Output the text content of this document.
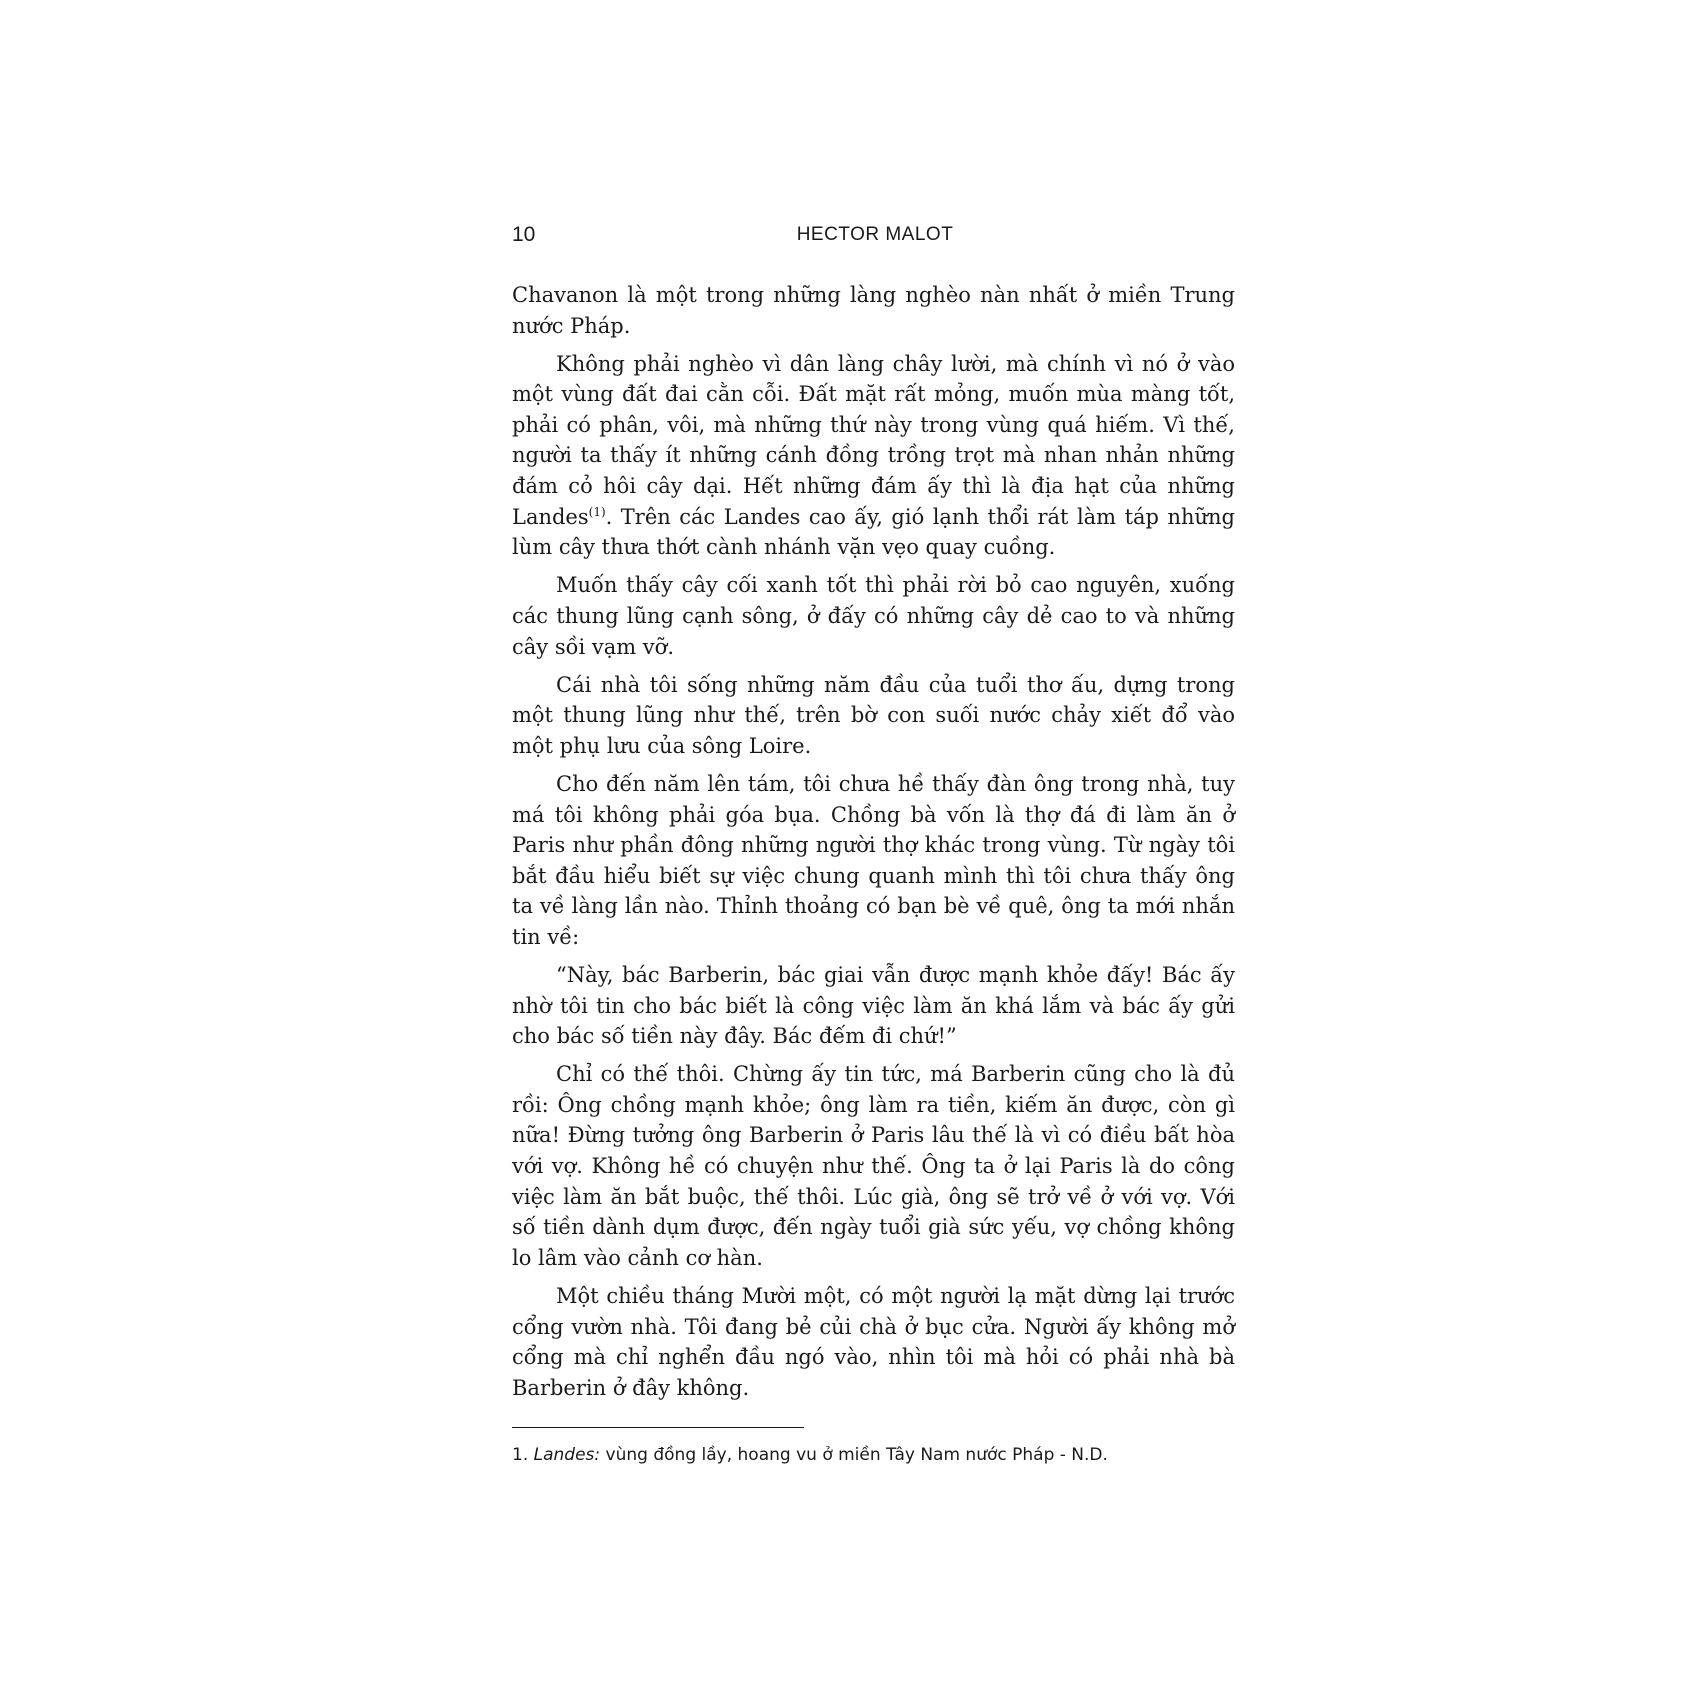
10	HECTOR MALOT

Chavanon là một trong những làng nghèo nàn nhất ở miền Trung nước Pháp.

Không phải nghèo vì dân làng chây lười, mà chính vì nó ở vào một vùng đất đai cằn cỗi. Đất mặt rất mỏng, muốn mùa màng tốt, phải có phân, vôi, mà những thứ này trong vùng quá hiếm. Vì thế, người ta thấy ít những cánh đồng trồng trọt mà nhan nhản những đám cỏ hôi cây dại. Hết những đám ấy thì là địa hạt của những Landes$^{(1)}$. Trên các Landes cao ấy, gió lạnh thổi rát làm táp những lùm cây thưa thớt cành nhánh vặn vẹo quay cuồng.

Muốn thấy cây cối xanh tốt thì phải rời bỏ cao nguyên, xuống các thung lũng cạnh sông, ở đấy có những cây dẻ cao to và những cây sồi vạm vỡ.

Cái nhà tôi sống những năm đầu của tuổi thơ ấu, dựng trong một thung lũng như thế, trên bờ con suối nước chảy xiết đổ vào một phụ lưu của sông Loire.

Cho đến năm lên tám, tôi chưa hề thấy đàn ông trong nhà, tuy má tôi không phải góa bụa. Chồng bà vốn là thợ đá đi làm ăn ở Paris như phần đông những người thợ khác trong vùng. Từ ngày tôi bắt đầu hiểu biết sự việc chung quanh mình thì tôi chưa thấy ông ta về làng lần nào. Thỉnh thoảng có bạn bè về quê, ông ta mới nhắn tin về:

“Này, bác Barberin, bác giai vẫn được mạnh khỏe đấy! Bác ấy nhờ tôi tin cho bác biết là công việc làm ăn khá lắm và bác ấy gửi cho bác số tiền này đây. Bác đếm đi chứ!”

Chỉ có thế thôi. Chừng ấy tin tức, má Barberin cũng cho là đủ rồi: Ông chồng mạnh khỏe; ông làm ra tiền, kiếm ăn được, còn gì nữa! Đừng tưởng ông Barberin ở Paris lâu thế là vì có điều bất hòa với vợ. Không hề có chuyện như thế. Ông ta ở lại Paris là do công việc làm ăn bắt buộc, thế thôi. Lúc già, ông sẽ trở về ở với vợ. Với số tiền dành dụm được, đến ngày tuổi già sức yếu, vợ chồng không lo lâm vào cảnh cơ hàn.

Một chiều tháng Mười một, có một người lạ mặt dừng lại trước cổng vườn nhà. Tôi đang bẻ củi chà ở bục cửa. Người ấy không mở cổng mà chỉ nghển đầu ngó vào, nhìn tôi mà hỏi có phải nhà bà Barberin ở đây không.

1. Landes: vùng đồng lầy, hoang vu ở miền Tây Nam nước Pháp - N.D.
